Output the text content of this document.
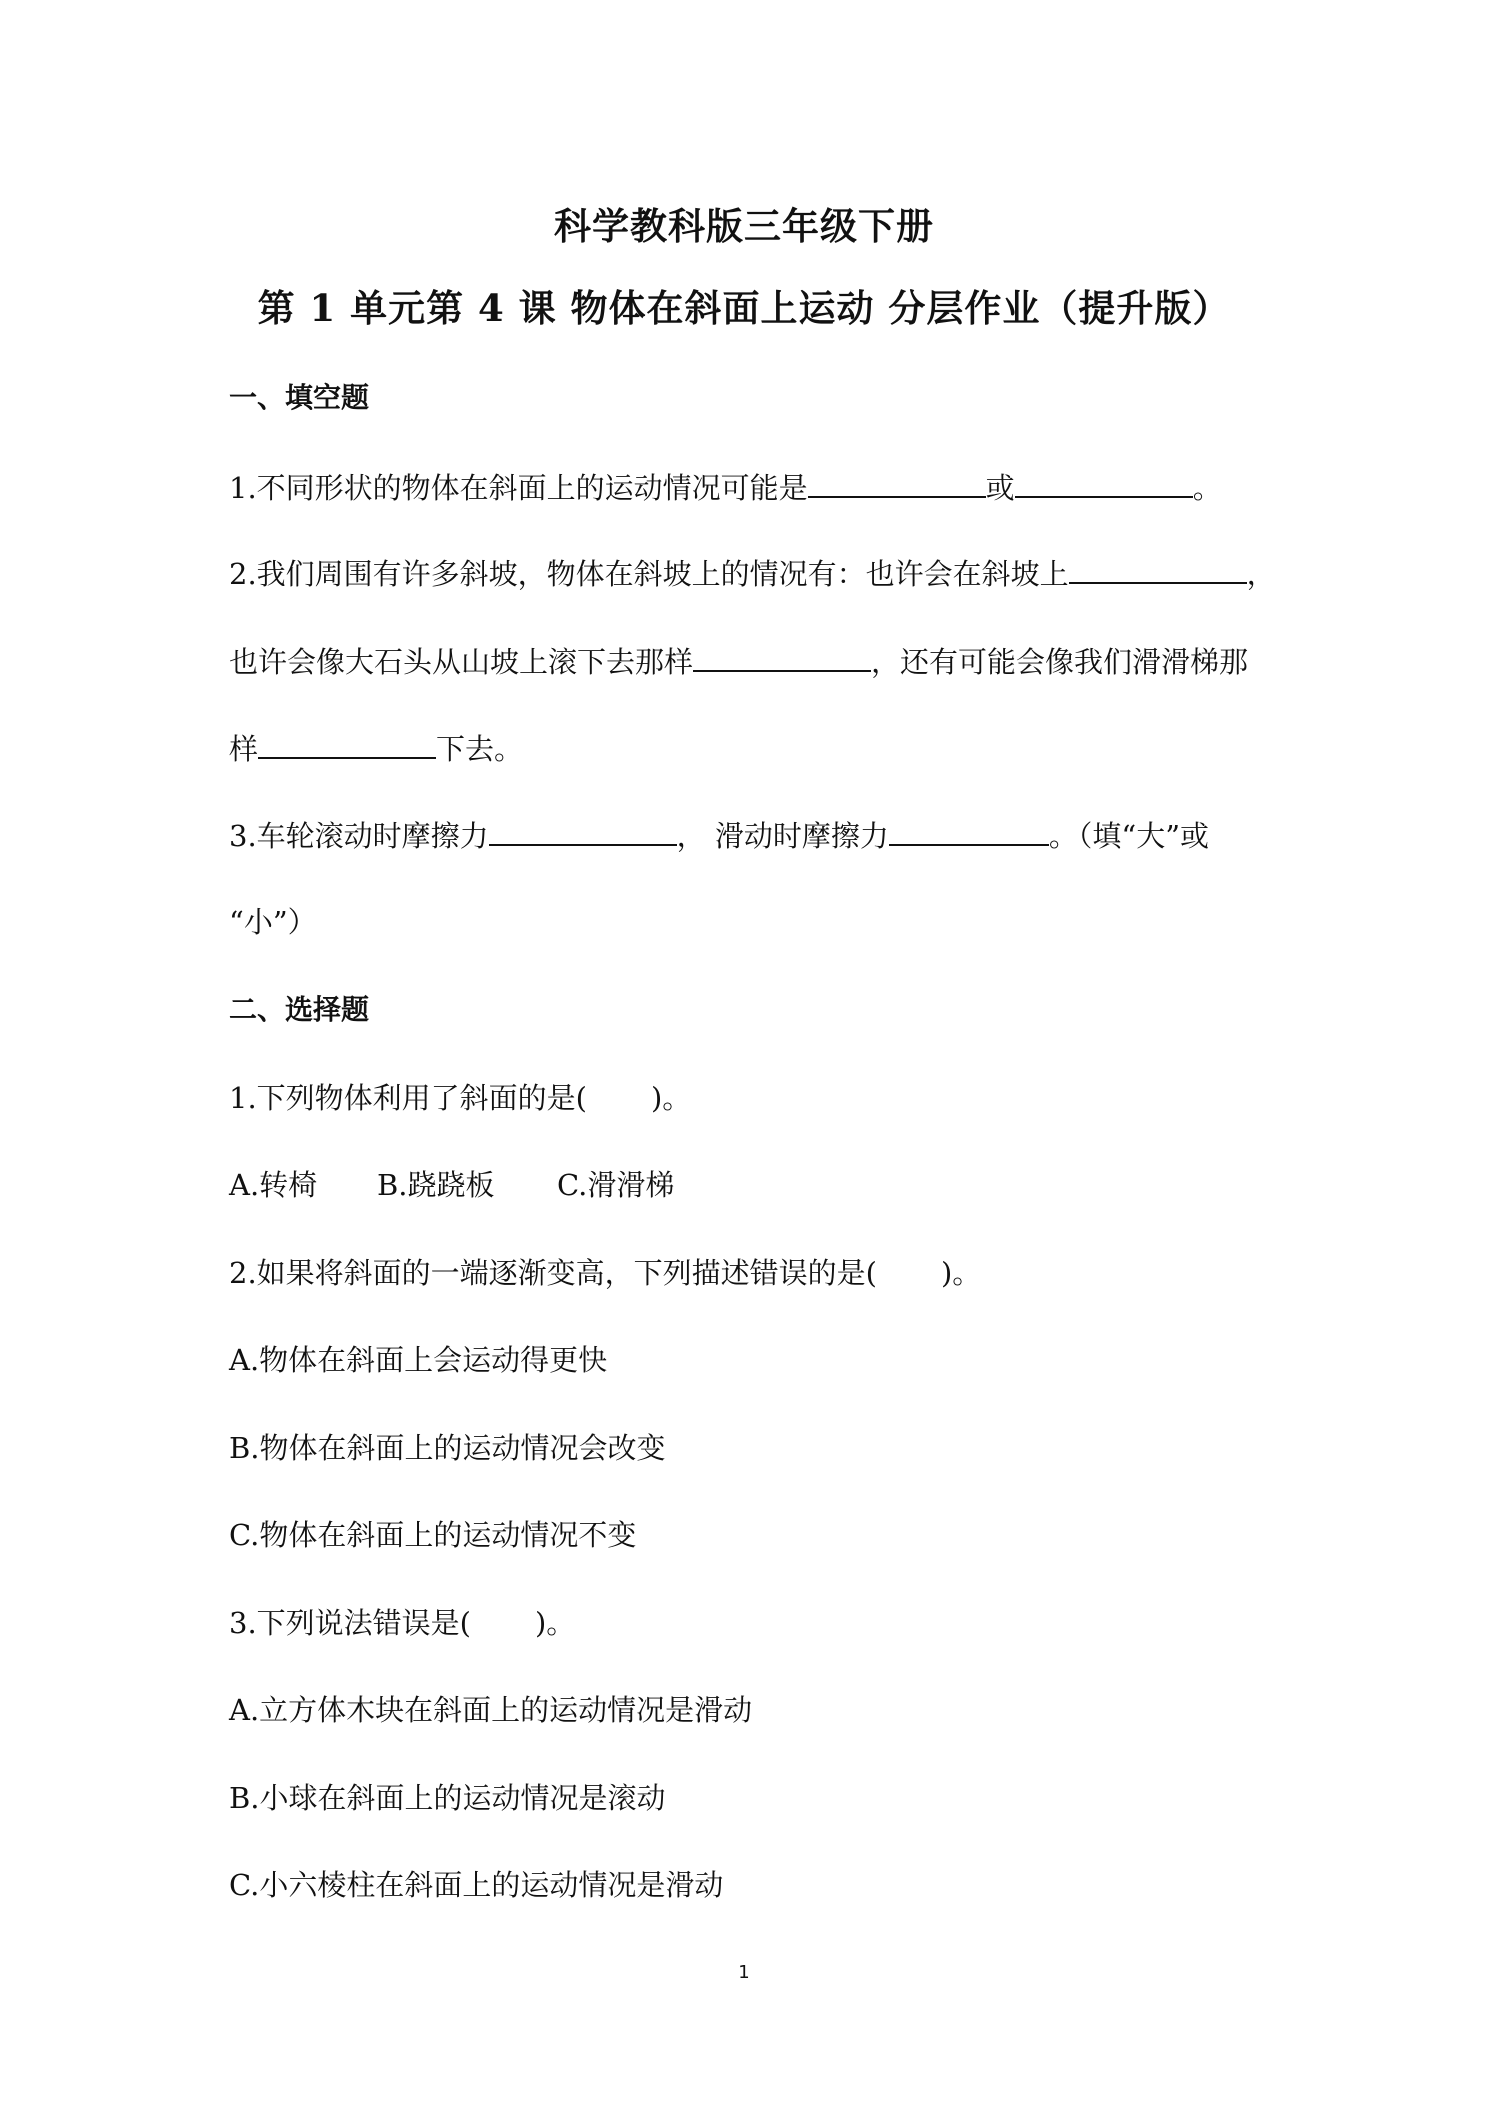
科学教科版三年级下册
第 1 单元第 4 课 物体在斜面上运动 分层作业（提升版）
一、填空题
1.不同形状的物体在斜面上的运动情况可能是	或	。
2.我们周围有许多斜坡，物体在斜坡上的情况有：也许会在斜坡上	，
也许会像大石头从山坡上滚下去那样	，还有可能会像我们滑滑梯那
样	下去。
3.车轮滚动时摩擦力	， 滑动时摩擦力	。（填“大”或
“小”）
二、选择题
1.下列物体利用了斜面的是( )。
A.转椅 B.跷跷板 C.滑滑梯
2.如果将斜面的一端逐渐变高，下列描述错误的是( )。
A.物体在斜面上会运动得更快
B.物体在斜面上的运动情况会改变
C.物体在斜面上的运动情况不变
3.下列说法错误是( )。
A.立方体木块在斜面上的运动情况是滑动
B.小球在斜面上的运动情况是滚动
C.小六棱柱在斜面上的运动情况是滑动
1
